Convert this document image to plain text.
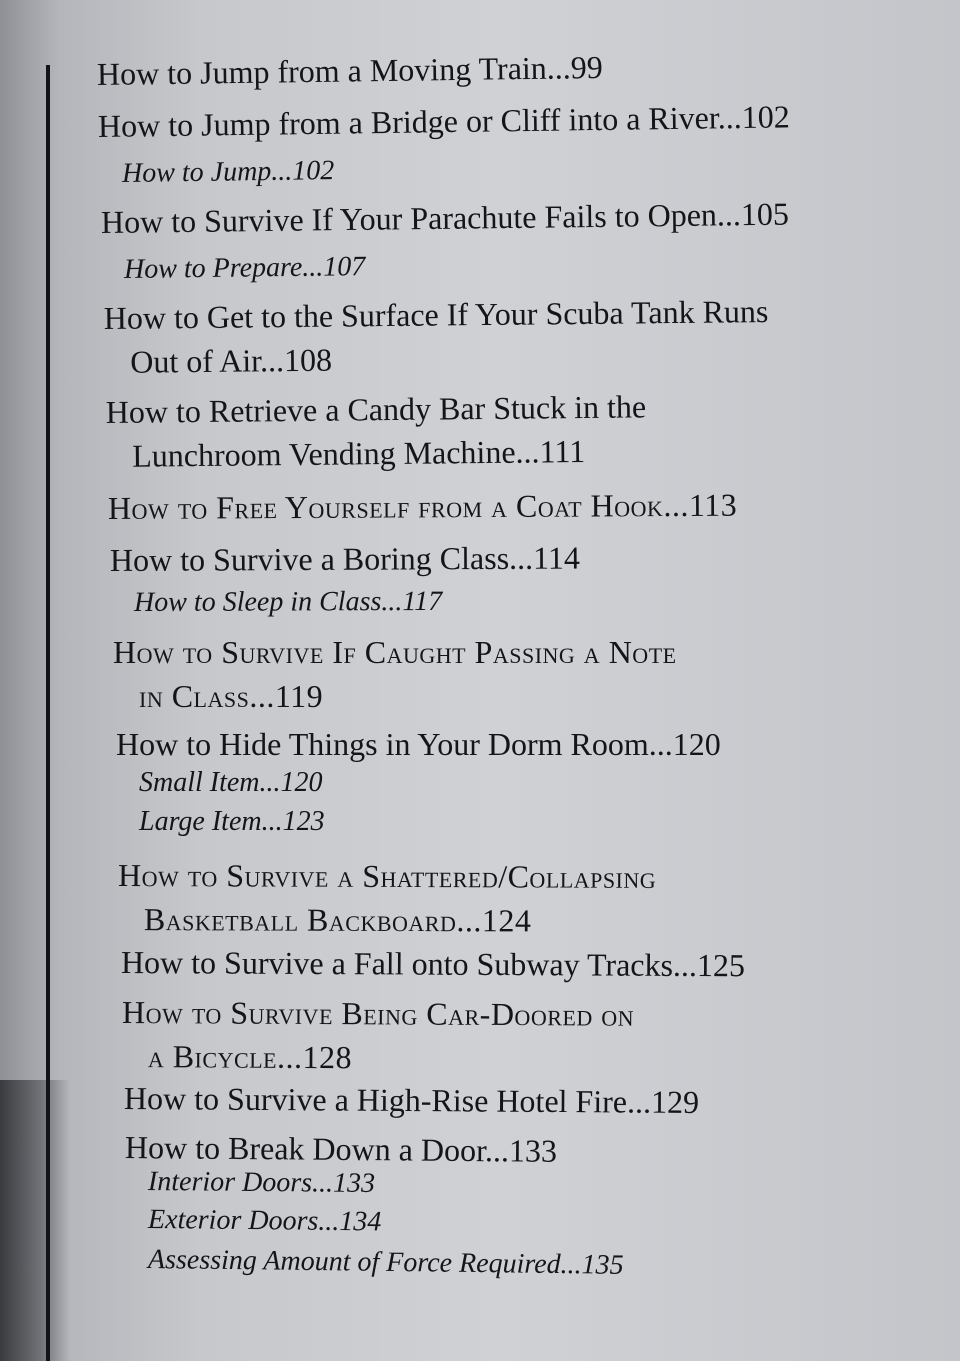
How to Jump from a Moving Train...99
How to Jump from a Bridge or Cliff into a River...102
How to Jump...102
How to Survive If Your Parachute Fails to Open...105
How to Prepare...107
How to Get to the Surface If Your Scuba Tank Runs
Out of Air...108
How to Retrieve a Candy Bar Stuck in the
Lunchroom Vending Machine...111
How to Free Yourself from a Coat Hook...113
How to Survive a Boring Class...114
How to Sleep in Class...117
How to Survive If Caught Passing a Note
in Class...119
How to Hide Things in Your Dorm Room...120
Small Item...120
Large Item...123
How to Survive a Shattered/Collapsing
Basketball Backboard...124
How to Survive a Fall onto Subway Tracks...125
How to Survive Being Car-Doored on
a Bicycle...128
How to Survive a High-Rise Hotel Fire...129
How to Break Down a Door...133
Interior Doors...133
Exterior Doors...134
Assessing Amount of Force Required...135
